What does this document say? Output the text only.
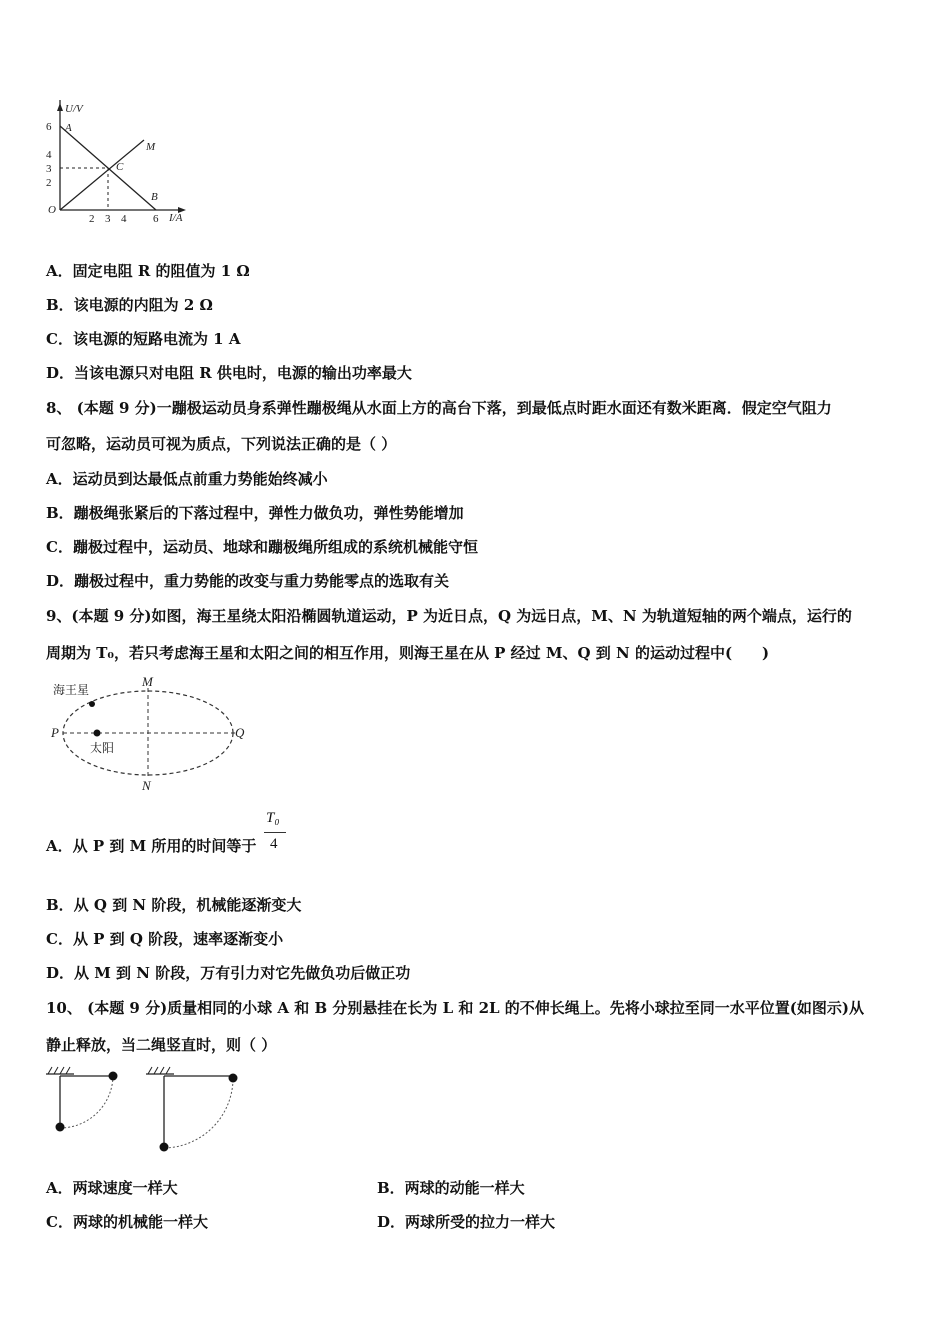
U/V
I/A
O
6
4
3
2
2 3 4 6
A
B
C
M
A．固定电阻 R 的阻值为 1 Ω
B．该电源的内阻为 2 Ω
C．该电源的短路电流为 1 A
D．当该电源只对电阻 R 供电时，电源的输出功率最大
8、 (本题 9 分)一蹦极运动员身系弹性蹦极绳从水面上方的高台下落，到最低点时距水面还有数米距离．假定空气阻力
可忽略，运动员可视为质点，下列说法正确的是（ ）
A．运动员到达最低点前重力势能始终减小
B．蹦极绳张紧后的下落过程中，弹性力做负功，弹性势能增加
C．蹦极过程中，运动员、地球和蹦极绳所组成的系统机械能守恒
D．蹦极过程中，重力势能的改变与重力势能零点的选取有关
9、(本题 9 分)如图，海王星绕太阳沿椭圆轨道运动，P 为近日点，Q 为远日点，M、N 为轨道短轴的两个端点，运行的
周期为 T₀，若只考虑海王星和太阳之间的相互作用，则海王星在从 P 经过 M、Q 到 N 的运动过程中(　　)
海王星
太阳
P	Q
M
N
A．从 P 到 M 所用的时间等于
T₀
4
B．从 Q 到 N 阶段，机械能逐渐变大
C．从 P 到 Q 阶段，速率逐渐变小
D．从 M 到 N 阶段，万有引力对它先做负功后做正功
10、 (本题 9 分)质量相同的小球 A 和 B 分别悬挂在长为 L 和 2L 的不伸长绳上。先将小球拉至同一水平位置(如图示)从
静止释放，当二绳竖直时，则（ ）
A．两球速度一样大	B．两球的动能一样大
C．两球的机械能一样大	D．两球所受的拉力一样大
